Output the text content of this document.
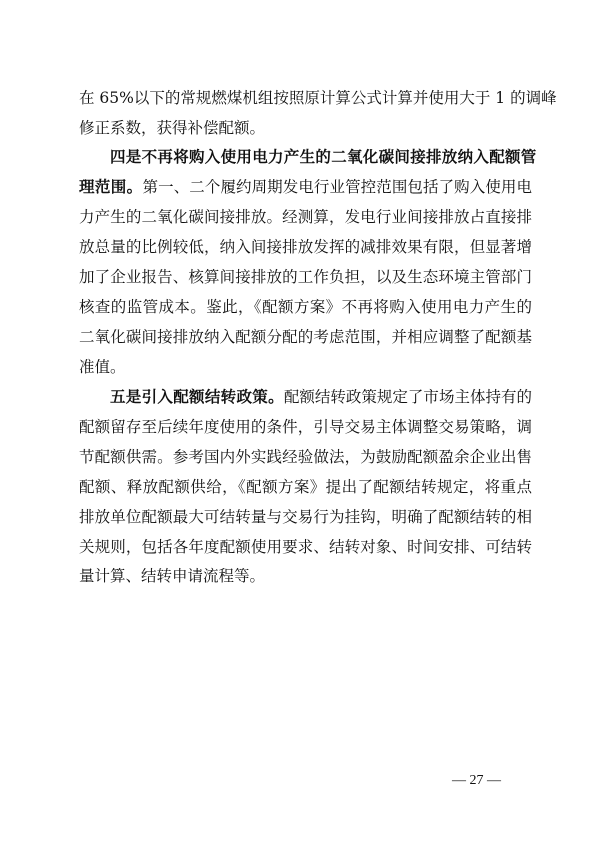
在 65%以下的常规燃煤机组按照原计算公式计算并使用大于 1 的调峰
修正系数，获得补偿配额。
四是不再将购入使用电力产生的二氧化碳间接排放纳入配额管
理范围。第一、二个履约周期发电行业管控范围包括了购入使用电
力产生的二氧化碳间接排放。经测算，发电行业间接排放占直接排
放总量的比例较低，纳入间接排放发挥的减排效果有限，但显著增
加了企业报告、核算间接排放的工作负担，以及生态环境主管部门
核查的监管成本。鉴此，《配额方案》不再将购入使用电力产生的
二氧化碳间接排放纳入配额分配的考虑范围，并相应调整了配额基
准值。
五是引入配额结转政策。配额结转政策规定了市场主体持有的
配额留存至后续年度使用的条件，引导交易主体调整交易策略，调
节配额供需。参考国内外实践经验做法，为鼓励配额盈余企业出售
配额、释放配额供给，《配额方案》提出了配额结转规定，将重点
排放单位配额最大可结转量与交易行为挂钩，明确了配额结转的相
关规则，包括各年度配额使用要求、结转对象、时间安排、可结转
量计算、结转申请流程等。
— 27 —
